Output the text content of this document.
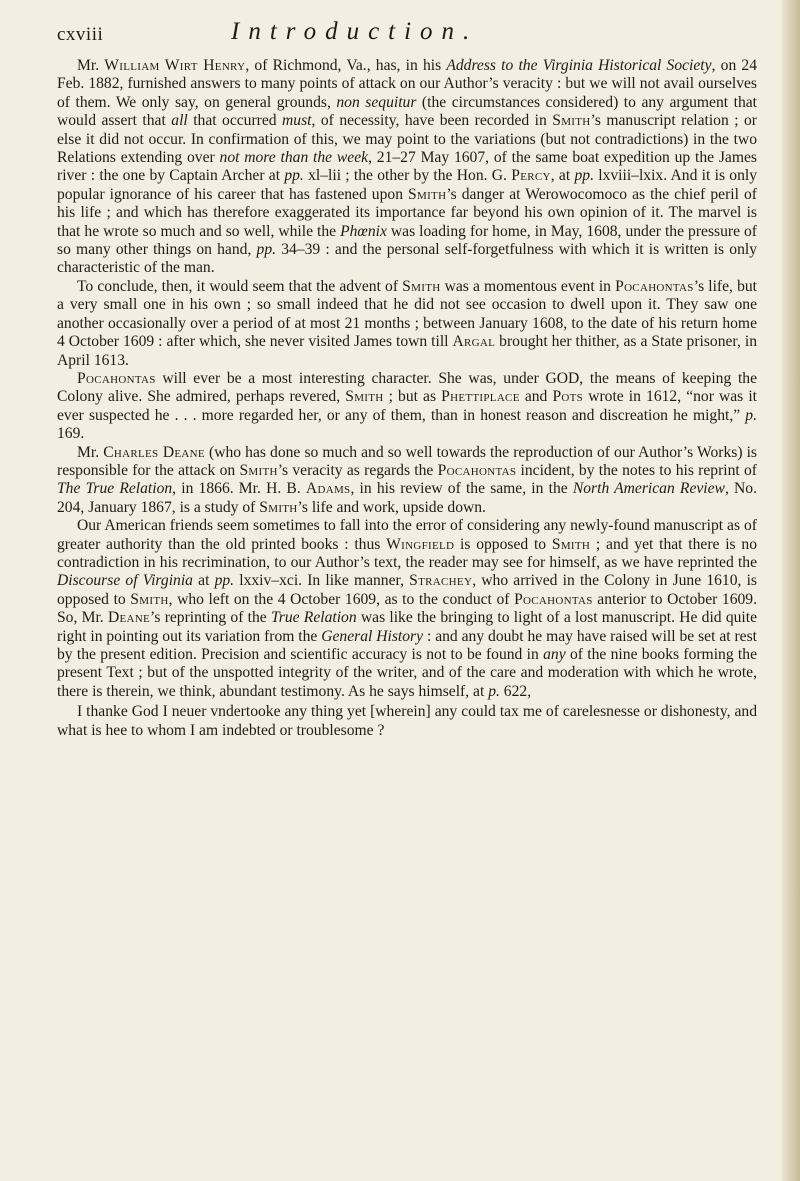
cxviii	Introduction.

Mr. William Wirt Henry, of Richmond, Va., has, in his Address to the Virginia Historical Society, on 24 Feb. 1882, furnished answers to many points of attack on our Author’s veracity : but we will not avail ourselves of them. We only say, on general grounds, non sequitur (the circumstances considered) to any argument that would assert that all that occurred must, of necessity, have been recorded in Smith’s manuscript relation ; or else it did not occur. In confirmation of this, we may point to the variations (but not contradictions) in the two Relations extending over not more than the week, 21–27 May 1607, of the same boat expedition up the James river : the one by Captain Archer at pp. xl–lii ; the other by the Hon. G. Percy, at pp. lxviii–lxix. And it is only popular ignorance of his career that has fastened upon Smith’s danger at Werowocomoco as the chief peril of his life ; and which has therefore exaggerated its importance far beyond his own opinion of it. The marvel is that he wrote so much and so well, while the Phœnix was loading for home, in May, 1608, under the pressure of so many other things on hand, pp. 34–39 : and the personal self-forgetfulness with which it is written is only characteristic of the man.

To conclude, then, it would seem that the advent of Smith was a momentous event in Pocahontas’s life, but a very small one in his own ; so small indeed that he did not see occasion to dwell upon it. They saw one another occasionally over a period of at most 21 months ; between January 1608, to the date of his return home 4 October 1609 : after which, she never visited James town till Argal brought her thither, as a State prisoner, in April 1613.

Pocahontas will ever be a most interesting character. She was, under GOD, the means of keeping the Colony alive. She admired, perhaps revered, Smith ; but as Phettiplace and Pots wrote in 1612, “nor was it ever suspected he . . . more regarded her, or any of them, than in honest reason and discreation he might,” p. 169.

Mr. Charles Deane (who has done so much and so well towards the reproduction of our Author’s Works) is responsible for the attack on Smith’s veracity as regards the Pocahontas incident, by the notes to his reprint of The True Relation, in 1866. Mr. H. B. Adams, in his review of the same, in the North American Review, No. 204, January 1867, is a study of Smith’s life and work, upside down.

Our American friends seem sometimes to fall into the error of considering any newly-found manuscript as of greater authority than the old printed books : thus Wingfield is opposed to Smith ; and yet that there is no contradiction in his recrimination, to our Author’s text, the reader may see for himself, as we have reprinted the Discourse of Virginia at pp. lxxiv–xci. In like manner, Strachey, who arrived in the Colony in June 1610, is opposed to Smith, who left on the 4 October 1609, as to the conduct of Pocahontas anterior to October 1609. So, Mr. Deane’s reprinting of the True Relation was like the bringing to light of a lost manuscript. He did quite right in pointing out its variation from the General History : and any doubt he may have raised will be set at rest by the present edition. Precision and scientific accuracy is not to be found in any of the nine books forming the present Text ; but of the unspotted integrity of the writer, and of the care and moderation with which he wrote, there is therein, we think, abundant testimony. As he says himself, at p. 622,

I thanke God I neuer vndertooke any thing yet [wherein] any could tax me of carelesnesse or dishonesty, and what is hee to whom I am indebted or troublesome ?
